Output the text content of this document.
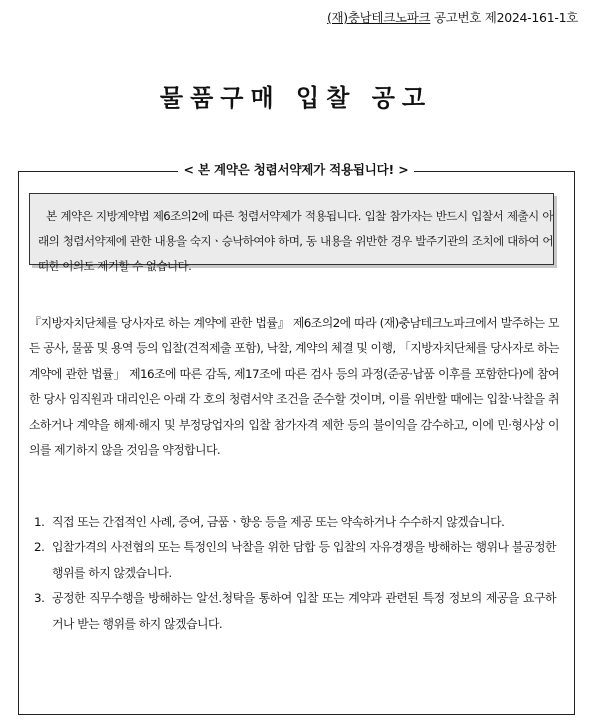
(재)충남테크노파크 공고번호 제2024-161-1호
물품구매 입찰 공고
< 본 계약은 청렴서약제가 적용됩니다! >

본 계약은 지방계약법 제6조의2에 따른 청렴서약제가 적용됩니다. 입찰 참가자는 반드시 입찰서 제출시 아래의 청렴서약제에 관한 내용을 숙지ㆍ승낙하여야 하며, 동 내용을 위반한 경우 발주기관의 조치에 대하여 어떠한 이의도 제기할 수 없습니다.

『지방자치단체를 당사자로 하는 계약에 관한 법률』 제6조의2에 따라 (재)충남테크노파크에서 발주하는 모든 공사, 물품 및 용역 등의 입찰(견적제출 포함), 낙찰, 계약의 체결 및 이행, 「지방자치단체를 당사자로 하는 계약에 관한 법률」 제16조에 따른 감독, 제17조에 따른 검사 등의 과정(준공·납품 이후를 포함한다)에 참여한 당사 임직원과 대리인은 아래 각 호의 청렴서약 조건을 준수할 것이며, 이를 위반할 때에는 입찰·낙찰을 취소하거나 계약을 해제·해지 및 부정당업자의 입찰 참가자격 제한 등의 불이익을 감수하고, 이에 민·형사상 이의를 제기하지 않을 것임을 약정합니다.

1. 직접 또는 간접적인 사례, 증여, 금품ㆍ향응 등을 제공 또는 약속하거나 수수하지 않겠습니다.
2. 입찰가격의 사전협의 또는 특정인의 낙찰을 위한 담합 등 입찰의 자유경쟁을 방해하는 행위나 불공정한 행위를 하지 않겠습니다.
3. 공정한 직무수행을 방해하는 알선.청탁을 통하여 입찰 또는 계약과 관련된 특정 정보의 제공을 요구하거나 받는 행위를 하지 않겠습니다.
